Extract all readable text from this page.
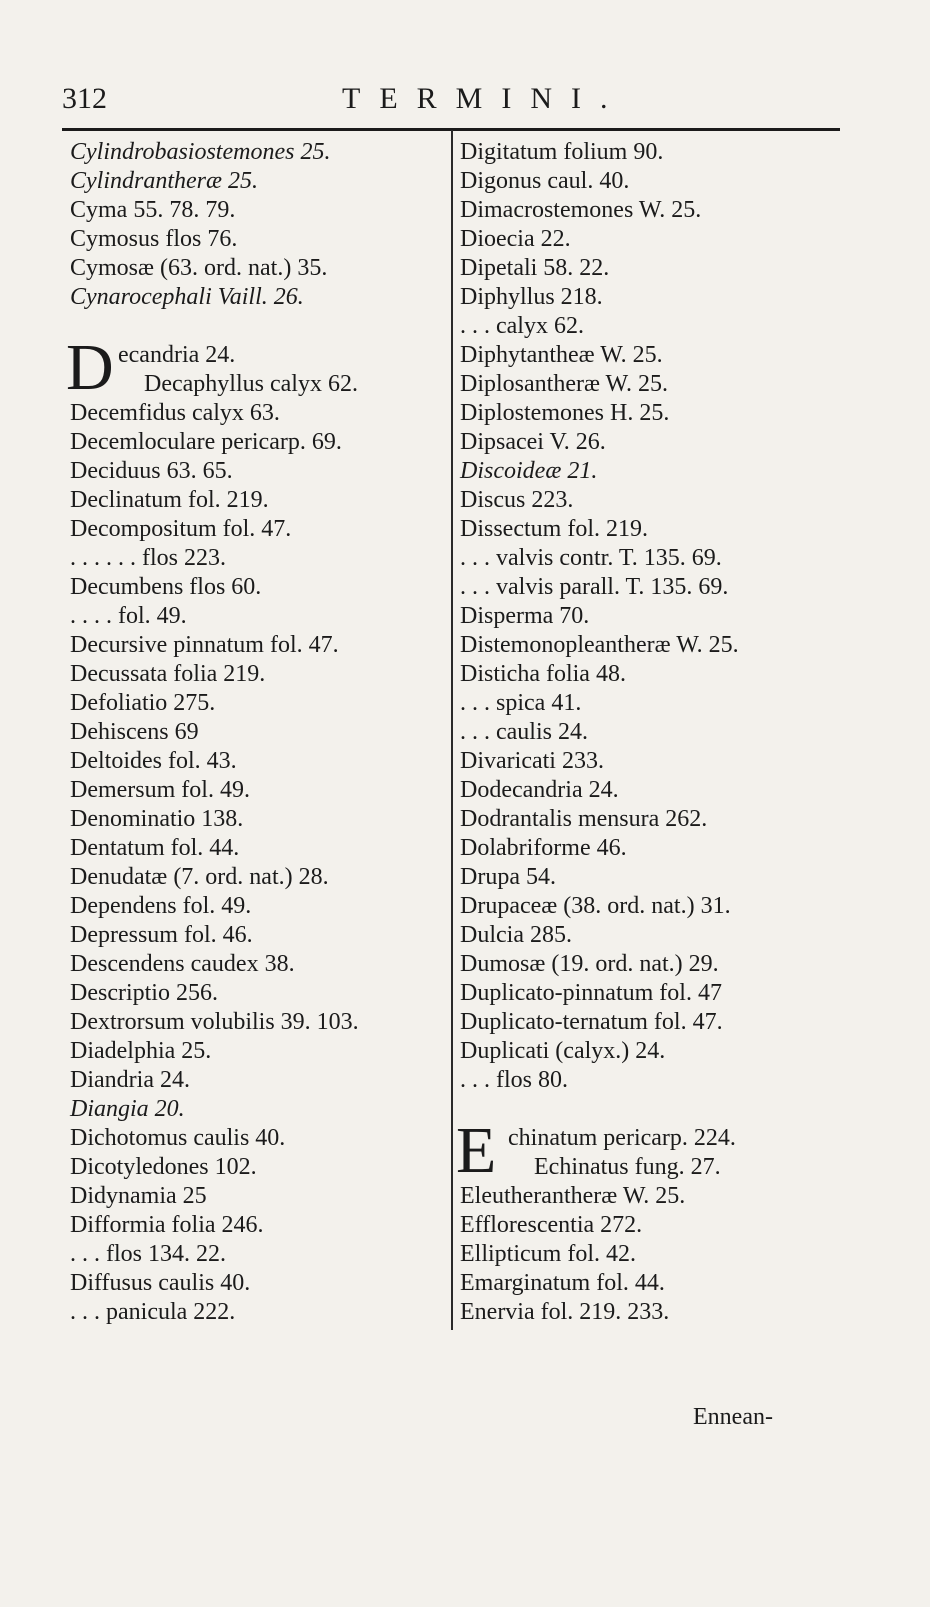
312	TERMINI.
Cylindrobasiostemones 25.
Cylindrantheræ 25.
Cyma 55. 78. 79.
Cymosus flos 76.
Cymosæ (63. ord. nat.) 35.
Cynarocephali Vaill. 26.
D ecandria 24.
Decaphyllus calyx 62.
Decemfidus calyx 63.
Decemloculare pericarp. 69.
Deciduus 63. 65.
Declinatum fol. 219.
Decompositum fol. 47.
. . . . . . flos 223.
Decumbens flos 60.
. . . . fol. 49.
Decursive pinnatum fol. 47.
Decussata folia 219.
Defoliatio 275.
Dehiscens 69
Deltoides fol. 43.
Demersum fol. 49.
Denominatio 138.
Dentatum fol. 44.
Denudatæ (7. ord. nat.) 28.
Dependens fol. 49.
Depressum fol. 46.
Descendens caudex 38.
Descriptio 256.
Dextrorsum volubilis 39. 103.
Diadelphia 25.
Diandria 24.
Diangia 20.
Dichotomus caulis 40.
Dicotyledones 102.
Didynamia 25
Difformia folia 246.
. . . flos 134. 22.
Diffusus caulis 40.
. . . panicula 222.
Digitatum folium 90.
Digonus caul. 40.
Dimacrostemones W. 25.
Dioecia 22.
Dipetali 58. 22.
Diphyllus 218.
. . . calyx 62.
Diphytantheæ W. 25.
Diplosantheræ W. 25.
Diplostemones H. 25.
Dipsacei V. 26.
Discoideæ 21.
Discus 223.
Dissectum fol. 219.
. . . valvis contr. T. 135. 69.
. . . valvis parall. T. 135. 69.
Disperma 70.
Distemonopleantheræ W. 25.
Disticha folia 48.
. . . spica 41.
. . . caulis 24.
Divaricati 233.
Dodecandria 24.
Dodrantalis mensura 262.
Dolabriforme 46.
Drupa 54.
Drupaceæ (38. ord. nat.) 31.
Dulcia 285.
Dumosæ (19. ord. nat.) 29.
Duplicato-pinnatum fol. 47
Duplicato-ternatum fol. 47.
Duplicati (calyx.) 24.
. . . flos 80.
E chinatum pericarp. 224.
Echinatus fung. 27.
Eleutherantheræ W. 25.
Efflorescentia 272.
Ellipticum fol. 42.
Emarginatum fol. 44.
Enervia fol. 219. 233.
Ennean-
